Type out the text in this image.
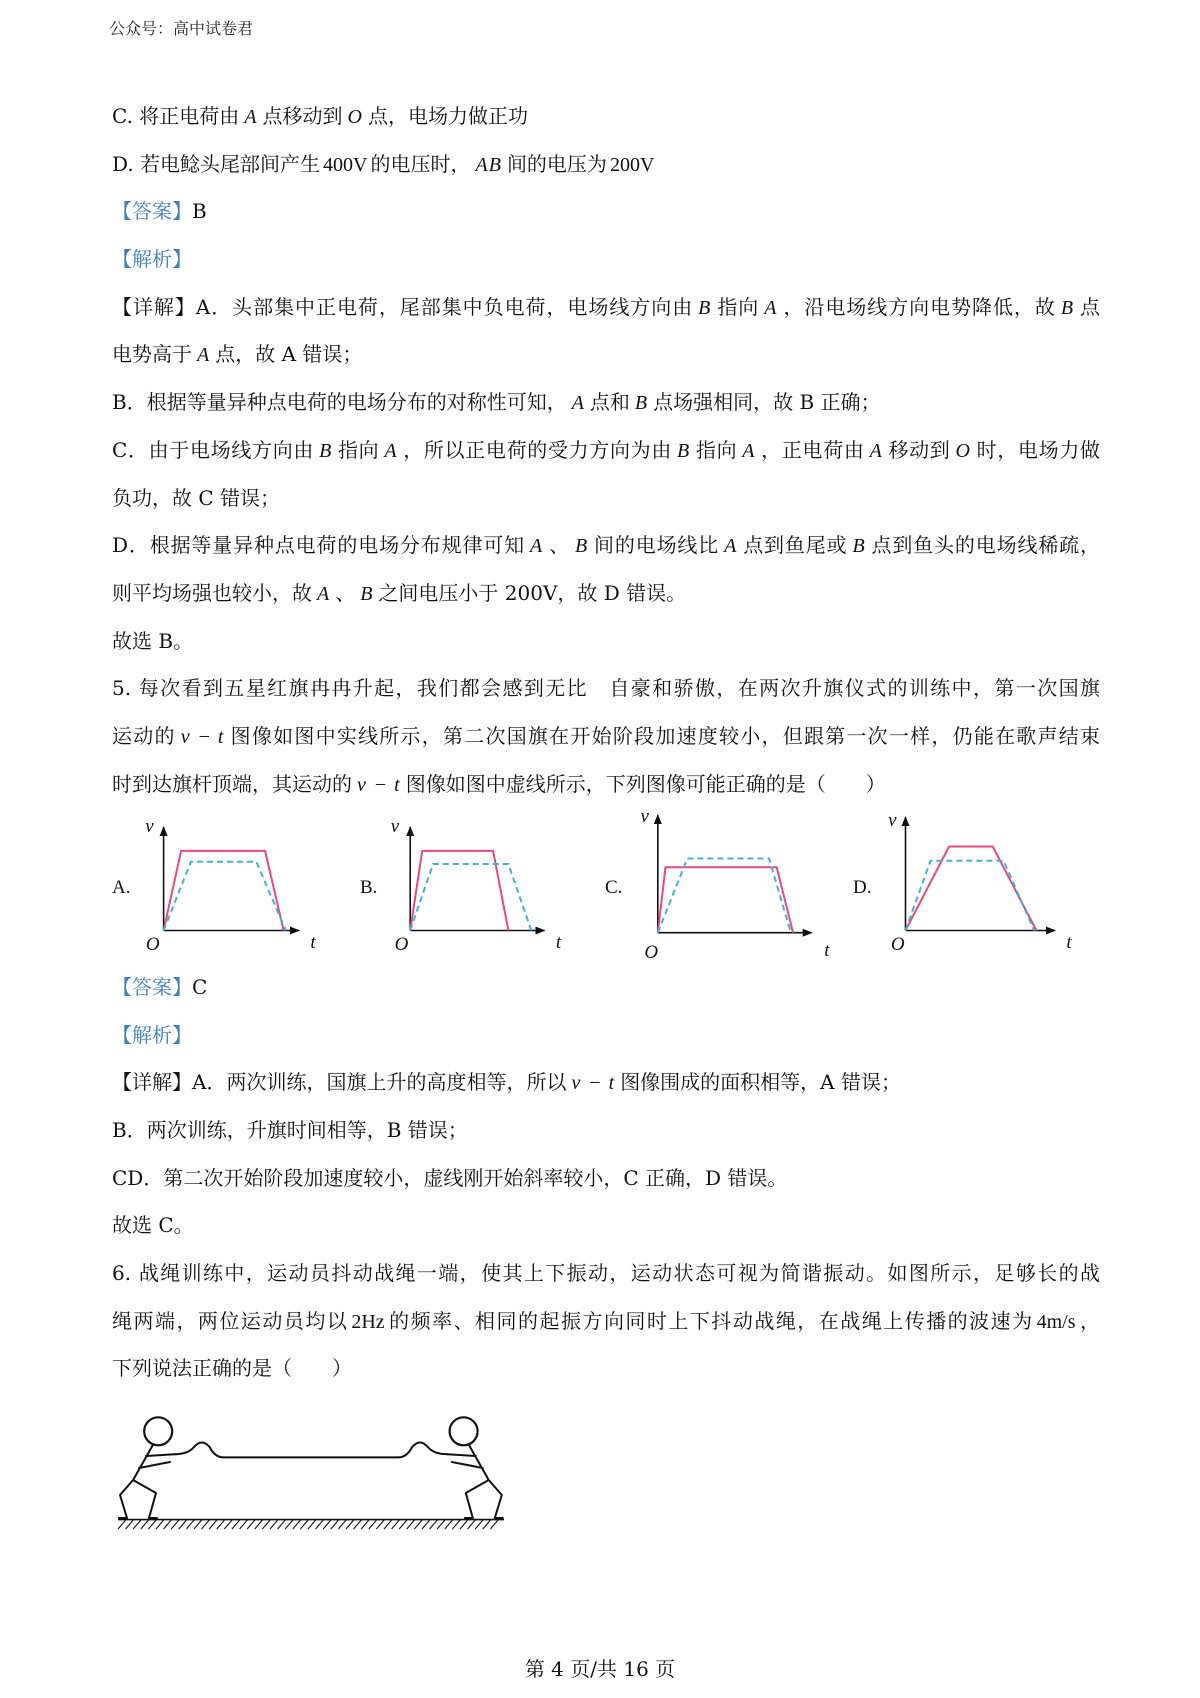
公众号：高中试卷君
C. 将正电荷由 A 点移动到 O 点，电场力做正功
D. 若电鲶头尾部间产生 400V 的电压时， AB 间的电压为 200V
【答案】B
【解析】
【详解】A．头部集中正电荷，尾部集中负电荷，电场线方向由 B 指向 A ，沿电场线方向电势降低，故 B 点
电势高于 A 点，故 A 错误；
B．根据等量异种点电荷的电场分布的对称性可知， A 点和 B 点场强相同，故 B 正确；
C．由于电场线方向由 B 指向 A ，所以正电荷的受力方向为由 B 指向 A ，正电荷由 A 移动到 O 时，电场力做
负功，故 C 错误；
D．根据等量异种点电荷的电场分布规律可知 A 、 B 间的电场线比 A 点到鱼尾或 B 点到鱼头的电场线稀疏，
则平均场强也较小，故 A 、 B 之间电压小于 200V，故 D 错误。
故选 B。
5. 每次看到五星红旗冉冉升起，我们都会感到无比　自豪和骄傲，在两次升旗仪式的训练中，第一次国旗
运动的 v − t 图像如图中实线所示，第二次国旗在开始阶段加速度较小，但跟第一次一样，仍能在歌声结束
时到达旗杆顶端，其运动的 v − t 图像如图中虚线所示，下列图像可能正确的是（　　）
A.
v
t
O
B.
v
t
O
C.
v
t
O
D.
v
t
O
【答案】C
【解析】
【详解】A．两次训练，国旗上升的高度相等，所以 v − t 图像围成的面积相等，A 错误；
B．两次训练，升旗时间相等，B 错误；
CD．第二次开始阶段加速度较小，虚线刚开始斜率较小，C 正确，D 错误。
故选 C。
6. 战绳训练中，运动员抖动战绳一端，使其上下振动，运动状态可视为简谐振动。如图所示，足够长的战
绳两端，两位运动员均以 2Hz 的频率、相同的起振方向同时上下抖动战绳，在战绳上传播的波速为 4m/s ，
下列说法正确的是（　　）
第 4 页/共 16 页
